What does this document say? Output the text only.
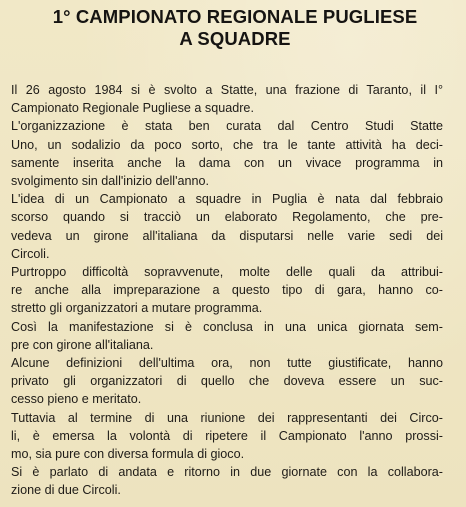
1° CAMPIONATO REGIONALE PUGLIESE
A SQUADRE

Il 26 agosto 1984 si è svolto a Statte, una frazione di Taranto, il I°
Campionato Regionale Pugliese a squadre.

L'organizzazione è stata ben curata dal Centro Studi Statte
Uno, un sodalizio da poco sorto, che tra le tante attività ha deci-
samente inserita anche la dama con un vivace programma in
svolgimento sin dall'inizio dell'anno.

L'idea di un Campionato a squadre in Puglia è nata dal febbraio
scorso quando si tracciò un elaborato Regolamento, che pre-
vedeva un girone all'italiana da disputarsi nelle varie sedi dei
Circoli.

Purtroppo difficoltà sopravvenute, molte delle quali da attribui-
re anche alla impreparazione a questo tipo di gara, hanno co-
stretto gli organizzatori a mutare programma.

Così la manifestazione si è conclusa in una unica giornata sem-
pre con girone all'italiana.

Alcune definizioni dell'ultima ora, non tutte giustificate, hanno
privato gli organizzatori di quello che doveva essere un suc-
cesso pieno e meritato.

Tuttavia al termine di una riunione dei rappresentanti dei Circo-
li, è emersa la volontà di ripetere il Campionato l'anno prossi-
mo, sia pure con diversa formula di gioco.

Si è parlato di andata e ritorno in due giornate con la collabora-
zione di due Circoli.
